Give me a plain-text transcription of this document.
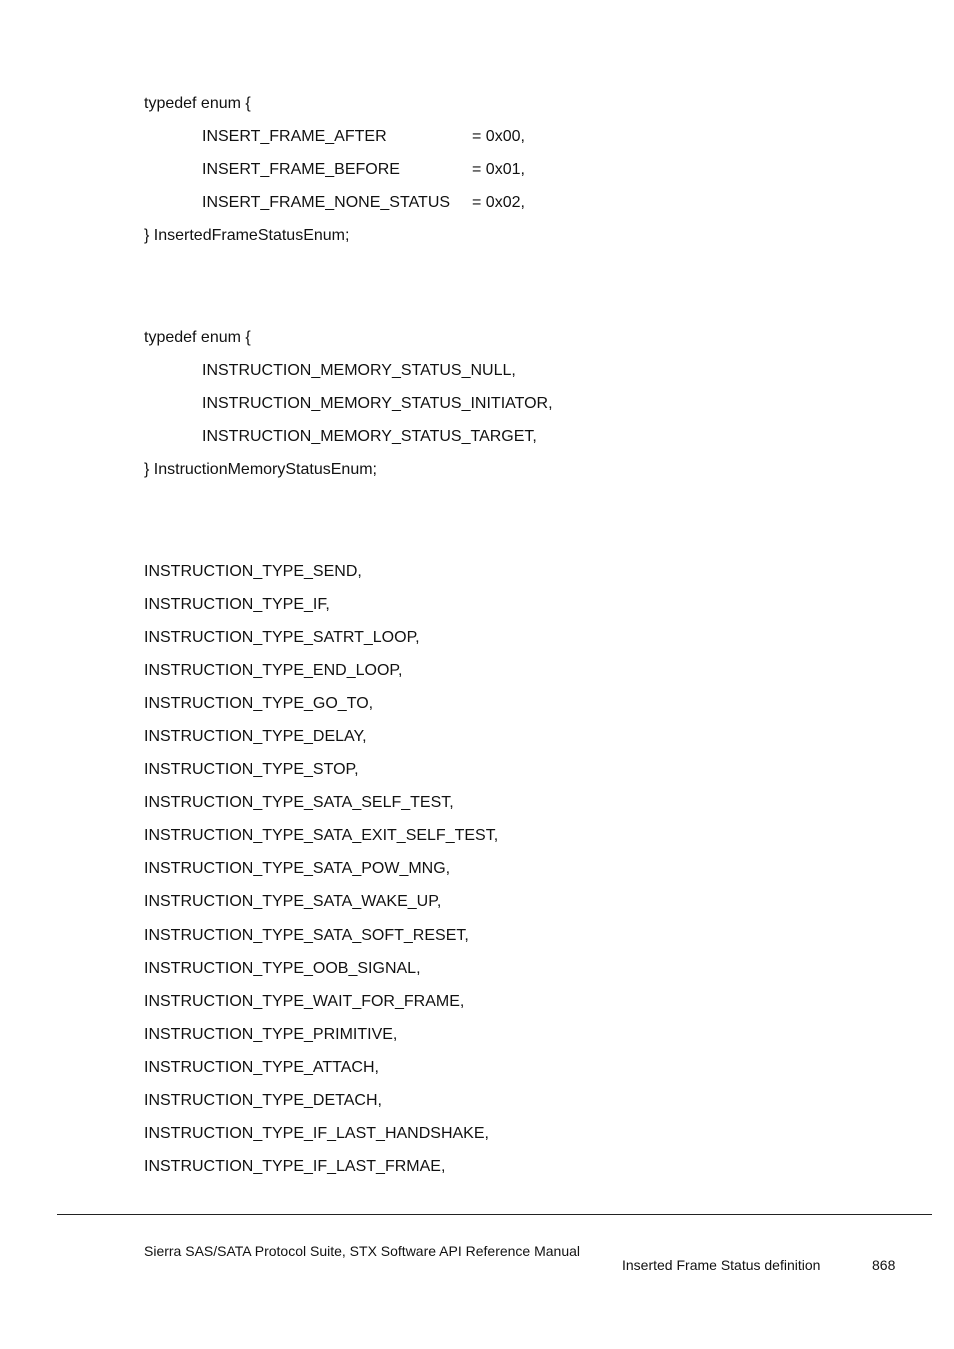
typedef enum {
INSERT_FRAME_AFTER	= 0x00,
INSERT_FRAME_BEFORE	= 0x01,
INSERT_FRAME_NONE_STATUS = 0x02,
} InsertedFrameStatusEnum;
typedef enum {
INSTRUCTION_MEMORY_STATUS_NULL,
INSTRUCTION_MEMORY_STATUS_INITIATOR,
INSTRUCTION_MEMORY_STATUS_TARGET,
} InstructionMemoryStatusEnum;
INSTRUCTION_TYPE_SEND,
INSTRUCTION_TYPE_IF,
INSTRUCTION_TYPE_SATRT_LOOP,
INSTRUCTION_TYPE_END_LOOP,
INSTRUCTION_TYPE_GO_TO,
INSTRUCTION_TYPE_DELAY,
INSTRUCTION_TYPE_STOP,
INSTRUCTION_TYPE_SATA_SELF_TEST,
INSTRUCTION_TYPE_SATA_EXIT_SELF_TEST,
INSTRUCTION_TYPE_SATA_POW_MNG,
INSTRUCTION_TYPE_SATA_WAKE_UP,
INSTRUCTION_TYPE_SATA_SOFT_RESET,
INSTRUCTION_TYPE_OOB_SIGNAL,
INSTRUCTION_TYPE_WAIT_FOR_FRAME,
INSTRUCTION_TYPE_PRIMITIVE,
INSTRUCTION_TYPE_ATTACH,
INSTRUCTION_TYPE_DETACH,
INSTRUCTION_TYPE_IF_LAST_HANDSHAKE,
INSTRUCTION_TYPE_IF_LAST_FRMAE,
Sierra SAS/SATA Protocol Suite, STX Software API Reference Manual
Inserted Frame Status definition	868
